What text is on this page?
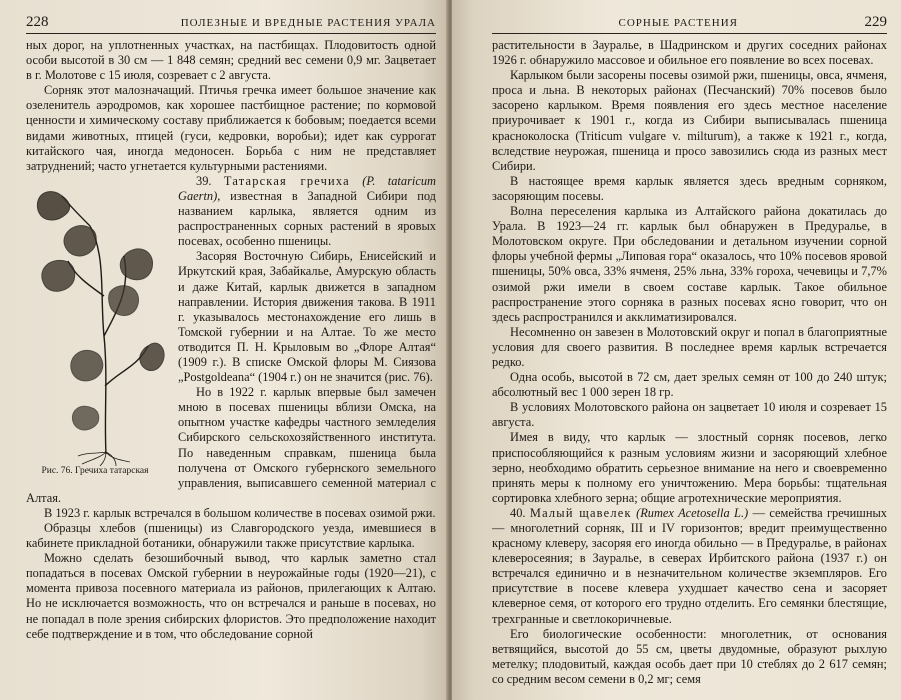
228	ПОЛЕЗНЫЕ И ВРЕДНЫЕ РАСТЕНИЯ УРАЛА

ных дорог, на уплотненных участках, на пастбищах. Плодовитость одной особи высотой в 30 см — 1 848 семян; средний вес семени 0,9 мг. Зацветает в г. Молотове с 15 июля, созревает с 2 августа.

Сорняк этот малозначащий. Птичья гречка имеет большое значение как озеленитель аэродромов, как хорошее пастбищное растение; по кормовой ценности и химическому составу приближается к бобовым; поедается всеми видами животных, птицей (гуси, кедровки, воробьи); идет как суррогат китайского чая, иногда медоносен. Борьба с ним не представляет затруднений; часто угнетается культурными растениями.

Рис. 76. Гречиха татарская

39. Татарская гречиха (P. tataricum Gaertn), известная в Западной Сибири под названием карлыка, является одним из распространенных сорных растений в яровых посевах, особенно пшеницы.

Засоряя Восточную Сибирь, Енисейский и Иркутский края, Забайкалье, Амурскую область и даже Китай, карлык движется в западном направлении. История движения такова. В 1911 г. указывалось местонахождение его лишь в Томской губернии и на Алтае. То же место отводится П. Н. Крыловым во „Флоре Алтая“ (1909 г.). В списке Омской флоры М. Сиязова „Postgoldeana“ (1904 г.) он не значится (рис. 76).

Но в 1922 г. карлык впервые был замечен мною в посевах пшеницы вблизи Омска, на опытном участке кафедры частного земледелия Сибирского сельскохозяйственного института. По наведенным справкам, пшеница была получена от Омского губернского земельного управления, выписавшего семенной материал с Алтая.

В 1923 г. карлык встречался в большом количестве в посевах озимой ржи.

Образцы хлебов (пшеницы) из Славгородского уезда, имевшиеся в кабинете прикладной ботаники, обнаружили также присутствие карлыка.

Можно сделать безошибочный вывод, что карлык заметно стал попадаться в посевах Омской губернии в неурожайные годы (1920—21), с момента привоза посевного материала из районов, прилегающих к Алтаю. Но не исключается возможность, что он встречался и раньше в посевах, но не попадал в поле зрения сибирских флористов. Это предположение находит себе подтверждение и в том, что обследование сорной

СОРНЫЕ РАСТЕНИЯ	229

растительности в Зауралье, в Шадринском и других соседних районах 1926 г. обнаружило массовое и обильное его появление во всех посевах.

Карлыком были засорены посевы озимой ржи, пшеницы, овса, ячменя, проса и льна. В некоторых районах (Песчанский) 70% посевов было засорено карлыком. Время появления его здесь местное население приурочивает к 1901 г., когда из Сибири выписывалась пшеница красноколоска (Triticum vulgare v. milturum), а также к 1921 г., когда, вследствие неурожая, пшеница и просо завозились сюда из разных мест Сибири.

В настоящее время карлык является здесь вредным сорняком, засоряющим посевы.

Волна переселения карлыка из Алтайского района докатилась до Урала. В 1923—24 гг. карлык был обнаружен в Предуралье, в Молотовском округе. При обследовании и детальном изучении сорной флоры учебной фермы „Липовая гора“ оказалось, что 10% посевов яровой пшеницы, 50% овса, 33% ячменя, 25% льна, 33% гороха, чечевицы и 7,7% озимой ржи имели в своем составе карлык. Такое обильное распространение этого сорняка в разных посевах ясно говорит, что он здесь распространился и акклиматизировался.

Несомненно он завезен в Молотовский округ и попал в благоприятные условия для своего развития. В последнее время карлык встречается редко.

Одна особь, высотой в 72 см, дает зрелых семян от 100 до 240 штук; абсолютный вес 1 000 зерен 18 гр.

В условиях Молотовского района он зацветает 10 июля и созревает 15 августа.

Имея в виду, что карлык — злостный сорняк посевов, легко приспособляющийся к разным условиям жизни и засоряющий хлебное зерно, необходимо обратить серьезное внимание на него и своевременно принять меры к полному его уничтожению. Мера борьбы: тщательная сортировка хлебного зерна; общие агротехнические мероприятия.

40. Малый щавелек (Rumex Acetosella L.) — семейства гречишных — многолетний сорняк, III и IV горизонтов; вредит преимущественно красному клеверу, засоряя его иногда обильно — в Предуралье, в районах клеверосеяния; в Зауралье, в северах Ирбитского района (1937 г.) он встречался единично и в незначительном количестве экземпляров. Его присутствие в посеве клевера ухудшает качество сена и засоряет клеверное семя, от которого его трудно отделить. Его семянки блестящие, трехгранные и светлокоричневые.

Его биологические особенности: многолетник, от основания ветвящийся, высотой до 55 см, цветы двудомные, образуют рыхлую метелку; плодовитый, каждая особь дает при 10 стеблях до 2 617 семян; со средним весом семени в 0,2 мг; семя
